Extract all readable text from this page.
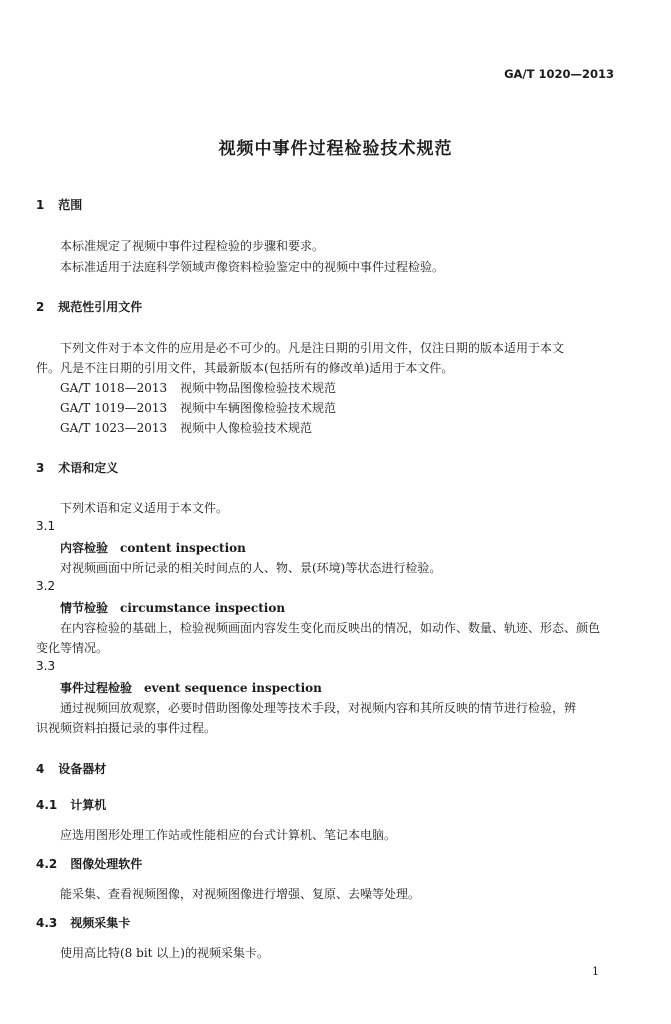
GA/T 1020—2013
视频中事件过程检验技术规范
1 范围
本标准规定了视频中事件过程检验的步骤和要求。
本标准适用于法庭科学领域声像资料检验鉴定中的视频中事件过程检验。
2 规范性引用文件
下列文件对于本文件的应用是必不可少的。凡是注日期的引用文件，仅注日期的版本适用于本文
件。凡是不注日期的引用文件，其最新版本(包括所有的修改单)适用于本文件。
GA/T 1018—2013 视频中物品图像检验技术规范
GA/T 1019—2013 视频中车辆图像检验技术规范
GA/T 1023—2013 视频中人像检验技术规范
3 术语和定义
下列术语和定义适用于本文件。
3.1
内容检验 content inspection
对视频画面中所记录的相关时间点的人、物、景(环境)等状态进行检验。
3.2
情节检验 circumstance inspection
在内容检验的基础上，检验视频画面内容发生变化而反映出的情况，如动作、数量、轨迹、形态、颜色
变化等情况。
3.3
事件过程检验 event sequence inspection
通过视频回放观察，必要时借助图像处理等技术手段，对视频内容和其所反映的情节进行检验，辨
识视频资料拍摄记录的事件过程。
4 设备器材
4.1 计算机
应选用图形处理工作站或性能相应的台式计算机、笔记本电脑。
4.2 图像处理软件
能采集、查看视频图像，对视频图像进行增强、复原、去噪等处理。
4.3 视频采集卡
使用高比特(8 bit 以上)的视频采集卡。
1
